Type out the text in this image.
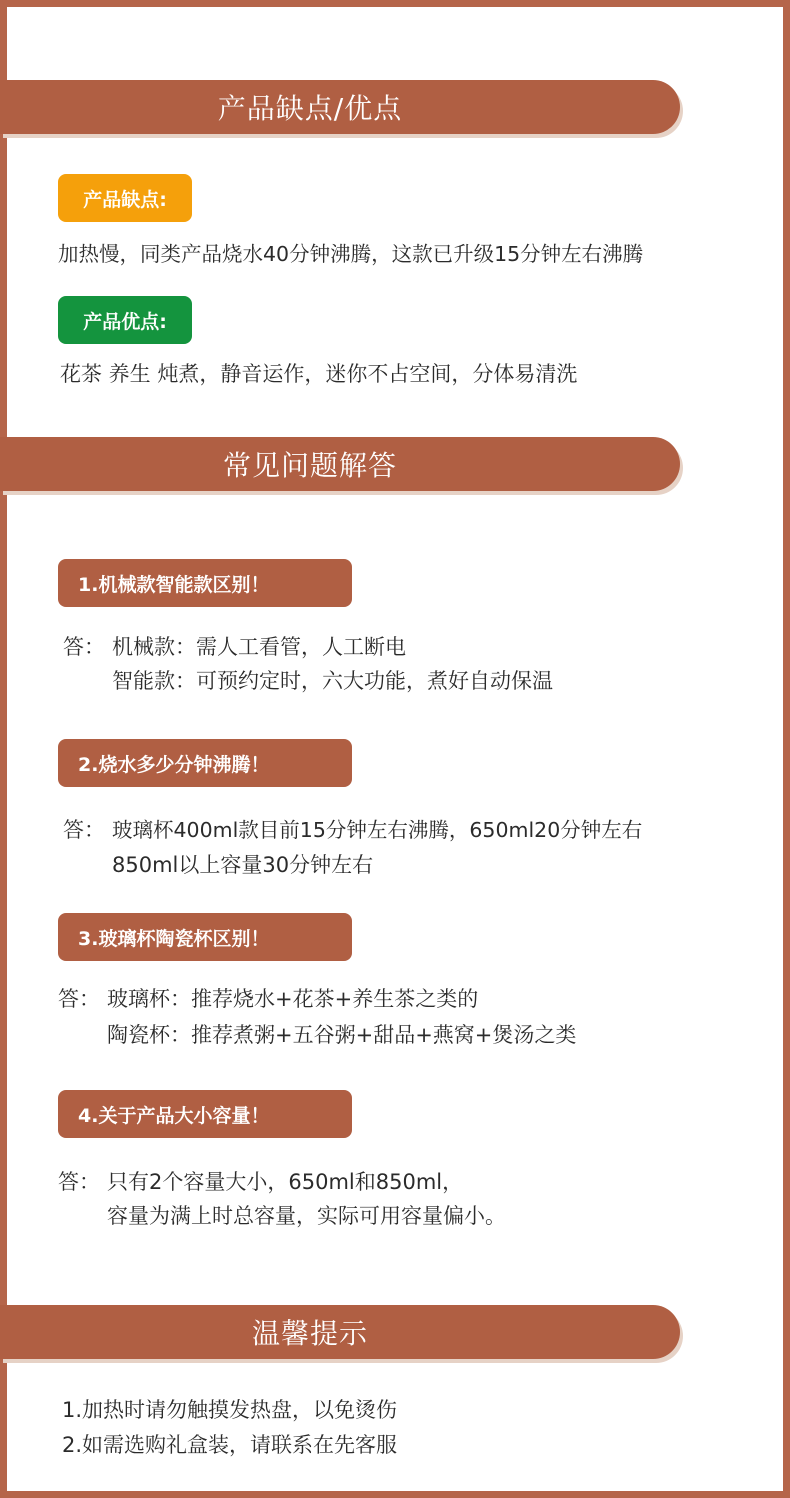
产品缺点/优点
产品缺点:
加热慢，同类产品烧水40分钟沸腾，这款已升级15分钟左右沸腾
产品优点:
花茶 养生 炖煮，静音运作，迷你不占空间，分体易清洗
常见问题解答
1.机械款智能款区别！
答： 机械款：需人工看管，人工断电
智能款：可预约定时，六大功能，煮好自动保温
2.烧水多少分钟沸腾！
答： 玻璃杯400ml款目前15分钟左右沸腾，650ml20分钟左右
850ml以上容量30分钟左右
3.玻璃杯陶瓷杯区别！
答： 玻璃杯：推荐烧水+花茶+养生茶之类的
陶瓷杯：推荐煮粥+五谷粥+甜品+燕窝+煲汤之类
4.关于产品大小容量！
答： 只有2个容量大小，650ml和850ml，
容量为满上时总容量，实际可用容量偏小。
温馨提示
1.加热时请勿触摸发热盘，以免烫伤
2.如需选购礼盒装，请联系在先客服
